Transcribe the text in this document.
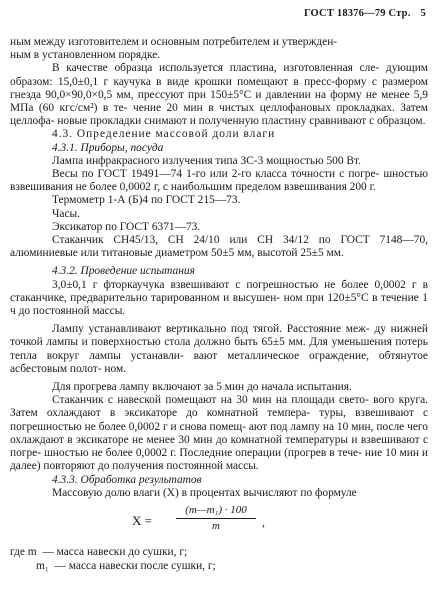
ГОСТ 18376—79 Стр. 5

ным между изготовителем и основным потребителем и утвержден-
ным в установленном порядке.

В качестве образца используется пластина, изготовленная сле- дующим образом: 15,0±0,1 г каучука в виде крошки помещают в пресс-форму с размером гнезда 90,0×90,0×0,5 мм, прессуют при 150±5°С и давлении на форму не менее 5,9 МПа (60 кгс/см²) в те- чение 20 мин в чистых целлофановых прокладках. Затем целлофа- новые прокладки снимают и полученную пластину сравнивают с образцом.

4.3. Определение массовой доли влаги

4.3.1. Приборы, посуда

Лампа инфракрасного излучения типа ЗС-3 мощностью 500 Вт.

Весы по ГОСТ 19491—74 1-го или 2-го класса точности с погре- шностью взвешивания не более 0,0002 г, с наибольшим пределом взвешивания 200 г.

Термометр 1-А (Б)4 по ГОСТ 215—73.

Часы.

Эксикатор по ГОСТ 6371—73.

Стаканчик СН45/13, СН 24/10 или СН 34/12 по ГОСТ 7148—70, алюминиевые или титановые диаметром 50±5 мм, высотой 25±5 мм.

4.3.2. Проведение испытания

3,0±0,1 г фторкаучука взвешивают с погрешностью не более 0,0002 г в стаканчике, предварительно тарированном и высушен- ном при 120±5°С в течение 1 ч до постоянной массы.

Лампу устанавливают вертикально под тягой. Расстояние меж- ду нижней точкой лампы и поверхностью стола должно быть 65±5 мм. Для уменьшения потерь тепла вокруг лампы устанавли- вают металлическое ограждение, обтянутое асбестовым полот- ном.

Для прогрева лампу включают за 5 мин до начала испытания.

Стаканчик с навеской помещают на 30 мин на площади свето- вого круга. Затем охлаждают в эксикаторе до комнатной темпера- туры, взвешивают с погрешностью не более 0,0002 г и снова помещ- ают под лампу на 10 мин, после чего охлаждают в эксикаторе не менее 30 мин до комнатной температуры и взвешивают с погре- шностью не более 0,0002 г. Последние операции (прогрев в тече- ние 10 мин и далее) повторяют до получения постоянной массы.

4.3.3. Обработка результатов

Массовую долю влаги (X) в процентах вычисляют по формуле

$X = \frac{\text{(m—m₁) · 100}}{m}$ ,
где m — масса навески до сушки, г;
m₁ — масса навески после сушки, г;
